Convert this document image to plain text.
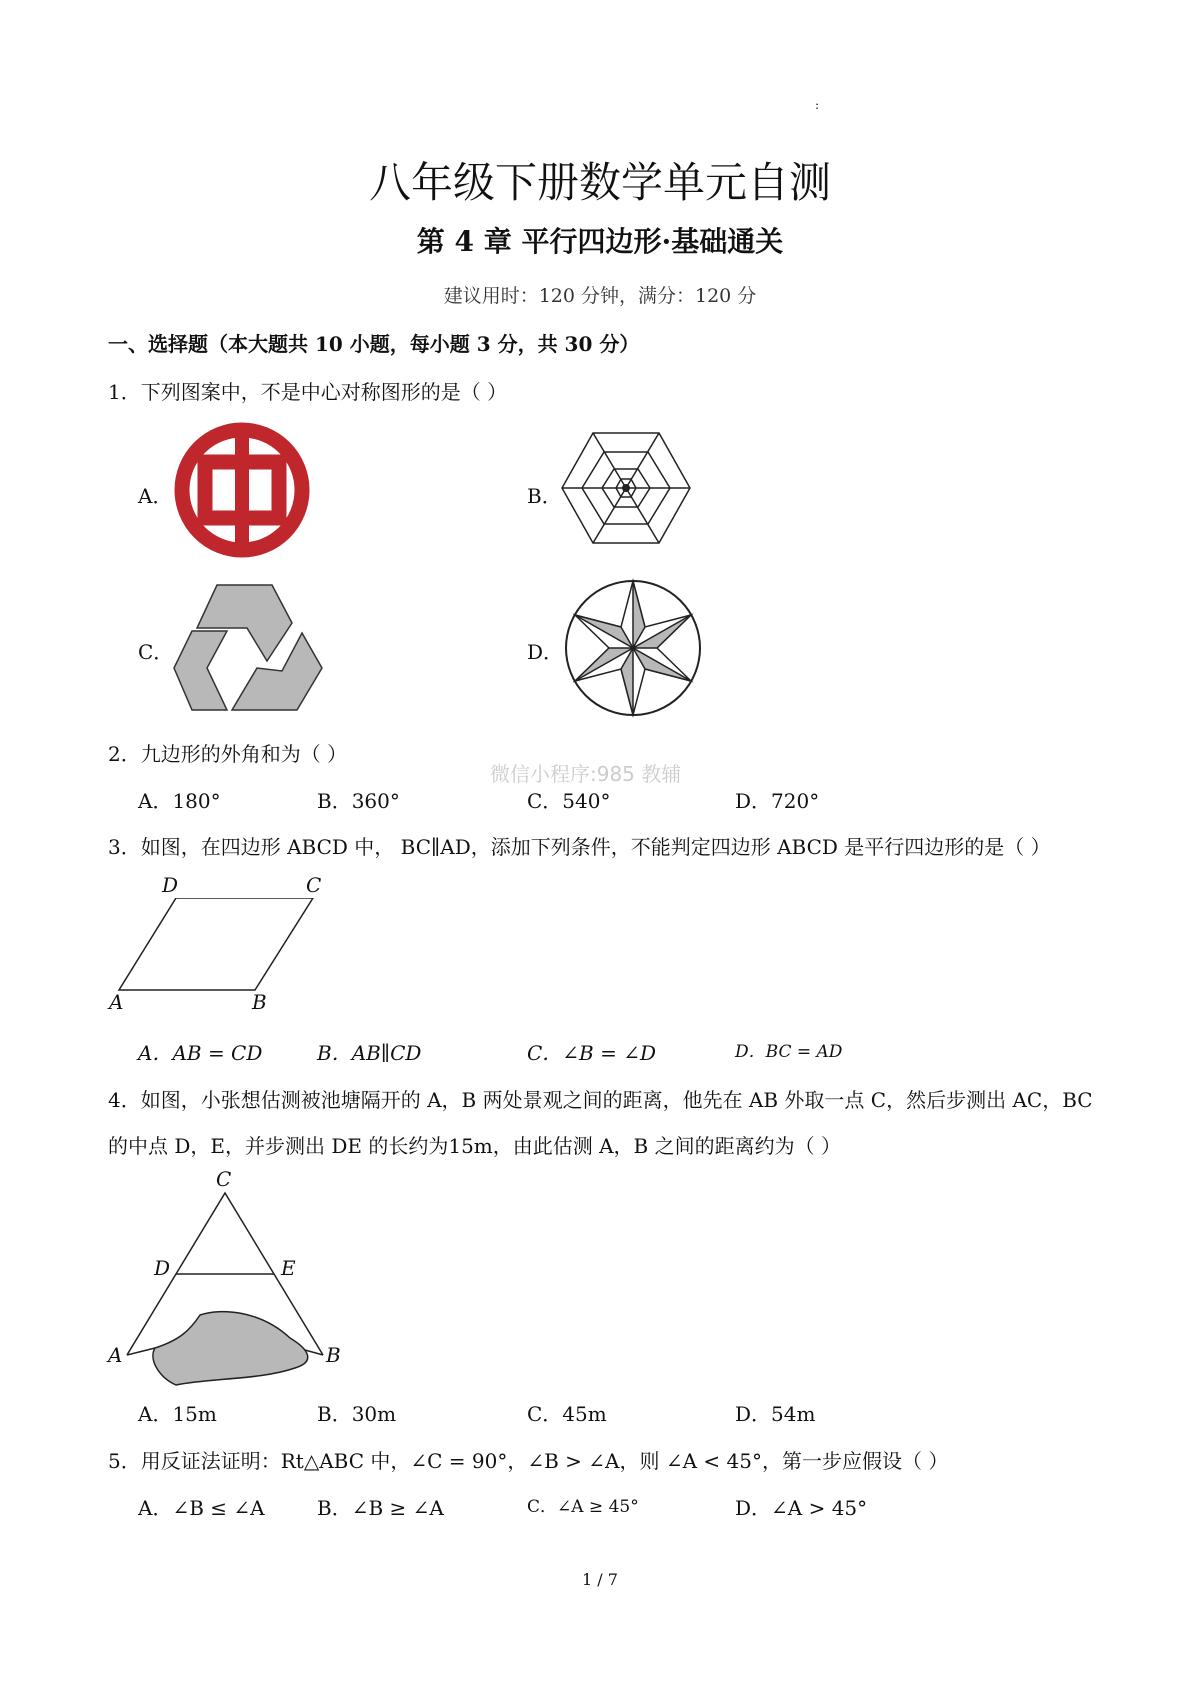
:
八年级下册数学单元自测
第 4 章 平行四边形·基础通关
建议用时：120 分钟，满分：120 分
一、选择题（本大题共 10 小题，每小题 3 分，共 30 分）
1．下列图案中，不是中心对称图形的是（ ）
A．	B．
C．	D．
微信小程序:985 教辅
2．九边形的外角和为（ ）
A．180°	B．360°	C．540°	D．720°
3．如图，在四边形 ABCD 中， BC∥AD，添加下列条件，不能判定四边形 ABCD 是平行四边形的是（ ）
D	C
A	B
A．AB = CD	B．AB∥CD	C．∠B = ∠D	D．BC = AD
4．如图，小张想估测被池塘隔开的 A，B 两处景观之间的距离，他先在 AB 外取一点 C，然后步测出 AC，BC
的中点 D，E，并步测出 DE 的长约为15m，由此估测 A，B 之间的距离约为（ ）
C
D	E
A	B
A．15m	B．30m	C．45m	D．54m
5．用反证法证明：Rt△ABC 中，∠C = 90°，∠B > ∠A，则 ∠A < 45°，第一步应假设（ ）
A．∠B ≤ ∠A	B．∠B ≥ ∠A	C．∠A ≥ 45°	D．∠A > 45°
1 / 7
